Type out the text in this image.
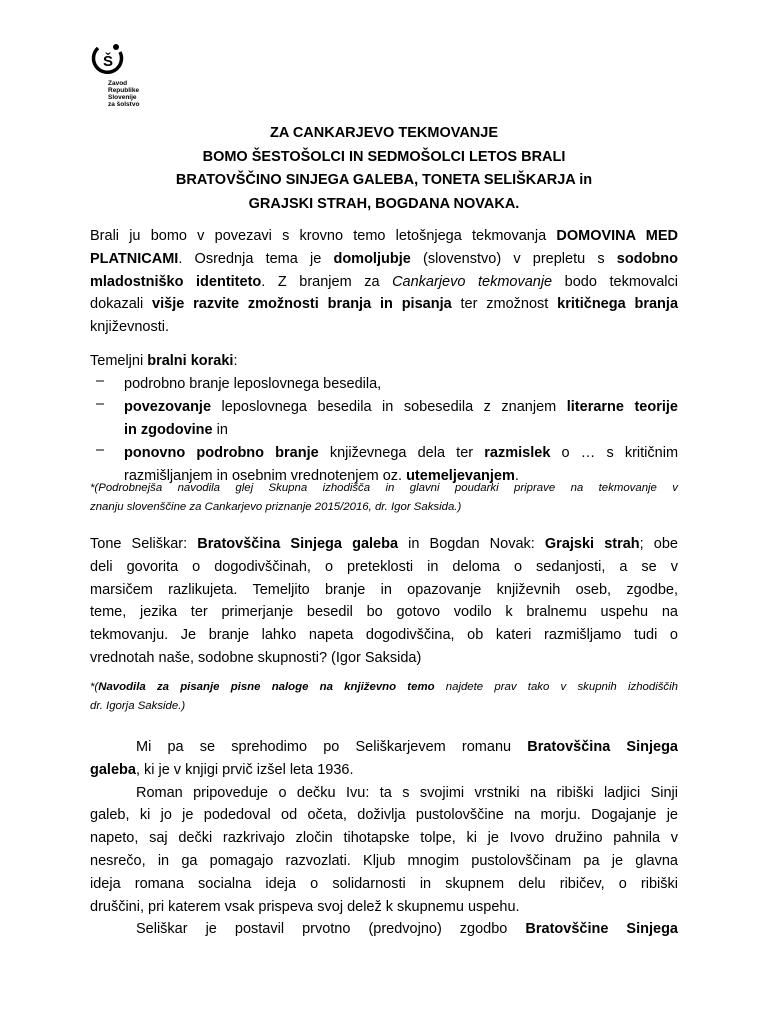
Š
Zavod
Republike
Slovenije
za šolstvo
ZA CANKARJEVO TEKMOVANJE
BOMO ŠESTOŠOLCI IN SEDMOŠOLCI LETOS BRALI
BRATOVŠČINO SINJEGA GALEBA, TONETA SELIŠKARJA in
GRAJSKI STRAH, BOGDANA NOVAKA.
Brali ju bomo v povezavi s krovno temo letošnjega tekmovanja DOMOVINA MED
PLATNICAMI. Osrednja tema je domoljubje (slovenstvo) v prepletu s sodobno
mladostniško identiteto. Z branjem za Cankarjevo tekmovanje bodo tekmovalci
dokazali višje razvite zmožnosti branja in pisanja ter zmožnost kritičnega branja
književnosti.
Temeljni bralni koraki:
–	podrobno branje leposlovnega besedila,
–	povezovanje leposlovnega besedila in sobesedila z znanjem literarne teorije
in zgodovine in
–	ponovno podrobno branje književnega dela ter razmislek o … s kritičnim
razmišljanjem in osebnim vrednotenjem oz. utemeljevanjem.
*(Podrobnejša navodila glej Skupna izhodišča in glavni poudarki priprave na tekmovanje v
znanju slovenščine za Cankarjevo priznanje 2015/2016, dr. Igor Saksida.)
Tone Seliškar: Bratovščina Sinjega galeba in Bogdan Novak: Grajski strah; obe
deli govorita o dogodivščinah, o preteklosti in deloma o sedanjosti, a se v
marsičem razlikujeta. Temeljito branje in opazovanje književnih oseb, zgodbe,
teme, jezika ter primerjanje besedil bo gotovo vodilo k bralnemu uspehu na
tekmovanju. Je branje lahko napeta dogodivščina, ob kateri razmišljamo tudi o
vrednotah naše, sodobne skupnosti? (Igor Saksida)
*(Navodila za pisanje pisne naloge na književno temo najdete prav tako v skupnih izhodiščih
dr. Igorja Sakside.)
Mi pa se sprehodimo po Seliškarjevem romanu Bratovščina Sinjega
galeba, ki je v knjigi prvič izšel leta 1936.
Roman pripoveduje o dečku Ivu: ta s svojimi vrstniki na ribiški ladjici Sinji
galeb, ki jo je podedoval od očeta, doživlja pustolovščine na morju. Dogajanje je
napeto, saj dečki razkrivajo zločin tihotapske tolpe, ki je Ivovo družino pahnila v
nesrečo, in ga pomagajo razvozlati. Kljub mnogim pustolovščinam pa je glavna
ideja romana socialna ideja o solidarnosti in skupnem delu ribičev, o ribiški
druščini, pri katerem vsak prispeva svoj delež k skupnemu uspehu.
Seliškar je postavil prvotno (predvojno) zgodbo Bratovščine Sinjega
